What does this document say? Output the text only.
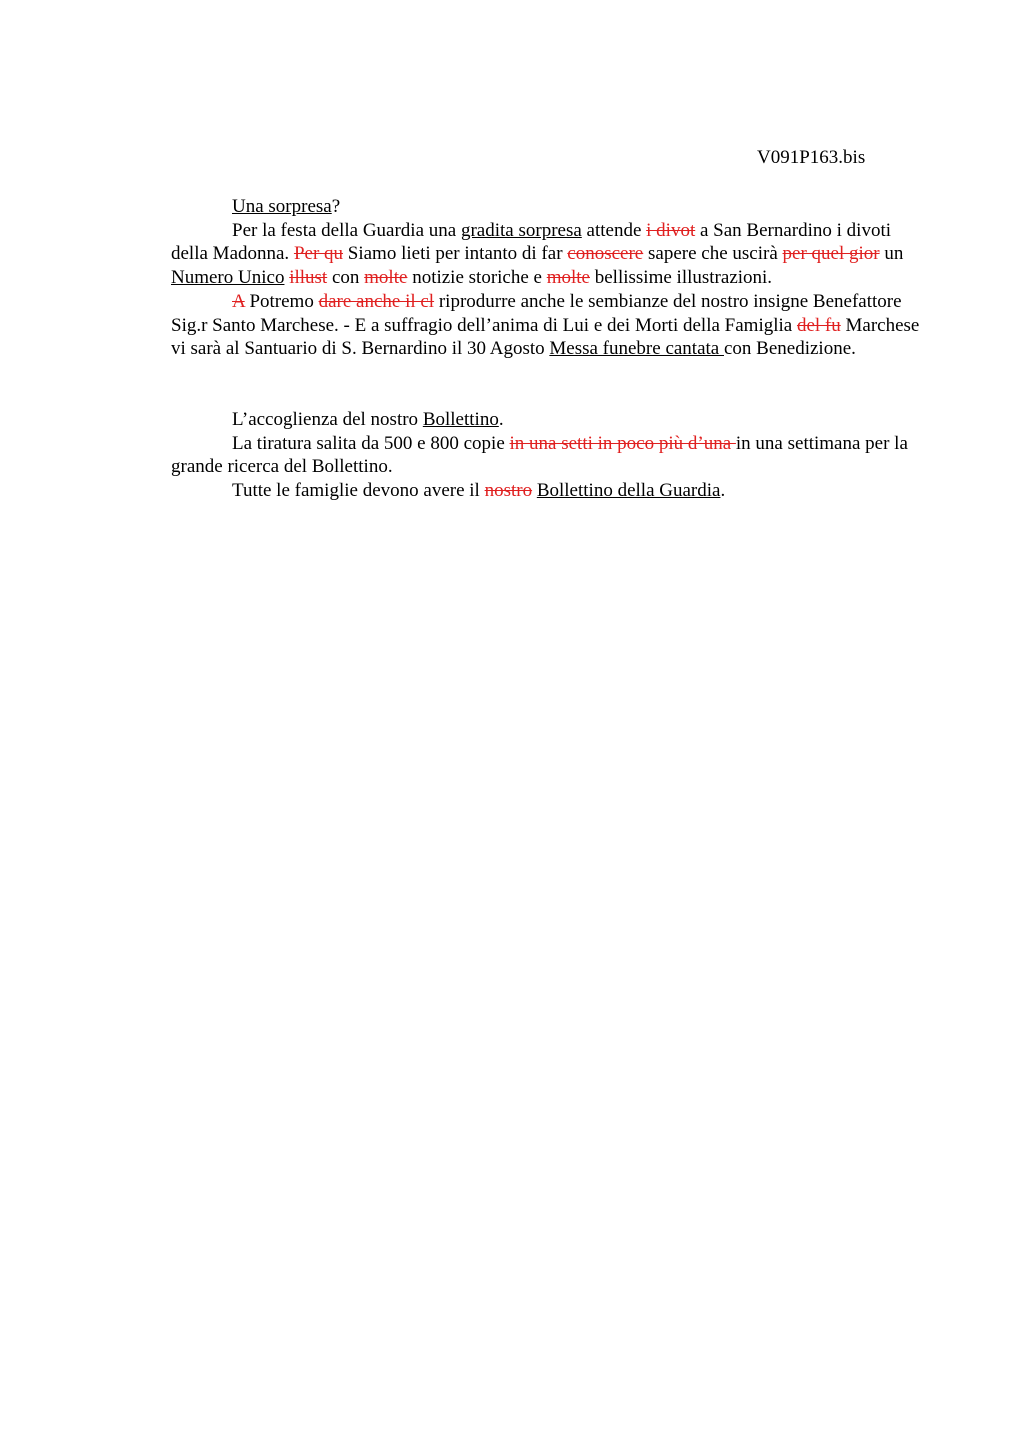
V091P163.bis

Una sorpresa?

Per la festa della Guardia una gradita sorpresa attende i divot a San Bernardino i divoti della Madonna. Per qu Siamo lieti per intanto di far conoscere sapere che uscirà per quel gior un Numero Unico illust con molte notizie storiche e molte bellissime illustrazioni.

A Potremo dare anche il cl riprodurre anche le sembianze del nostro insigne Benefattore Sig.r Santo Marchese. - E a suffragio dell’anima di Lui e dei Morti della Famiglia del fu Marchese vi sarà al Santuario di S. Bernardino il 30 Agosto Messa funebre cantata con Benedizione.

L’accoglienza del nostro Bollettino.

La tiratura salita da 500 e 800 copie in una setti in poco più d’una in una settimana per la grande ricerca del Bollettino.

Tutte le famiglie devono avere il nostro Bollettino della Guardia.
